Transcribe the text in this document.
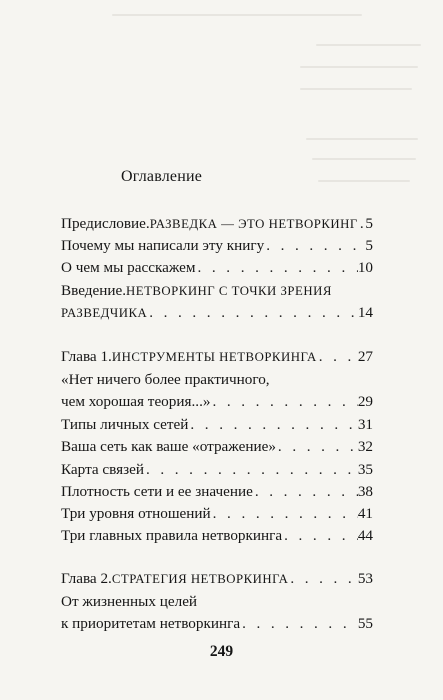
Оглавление
Предисловие. РАЗВЕДКА — ЭТО НЕТВОРКИНГ . . . 5
Почему мы написали эту книгу . . .	5
О чем мы расскажем . . .	10
Введение. НЕТВОРКИНГ С ТОЧКИ ЗРЕНИЯ
РАЗВЕДЧИКА . . .	14
Глава 1. ИНСТРУМЕНТЫ НЕТВОРКИНГА . . .	27
«Нет ничего более практичного,
чем хорошая теория...» . . .	29
Типы личных сетей . . .	31
Ваша сеть как ваше «отражение» . . .	32
Карта связей . . .	35
Плотность сети и ее значение . . .	38
Три уровня отношений . . .	41
Три главных правила нетворкинга . . .	44
Глава 2. СТРАТЕГИЯ НЕТВОРКИНГА . . .	53
От жизненных целей
к приоритетам нетворкинга . . .	55
249
